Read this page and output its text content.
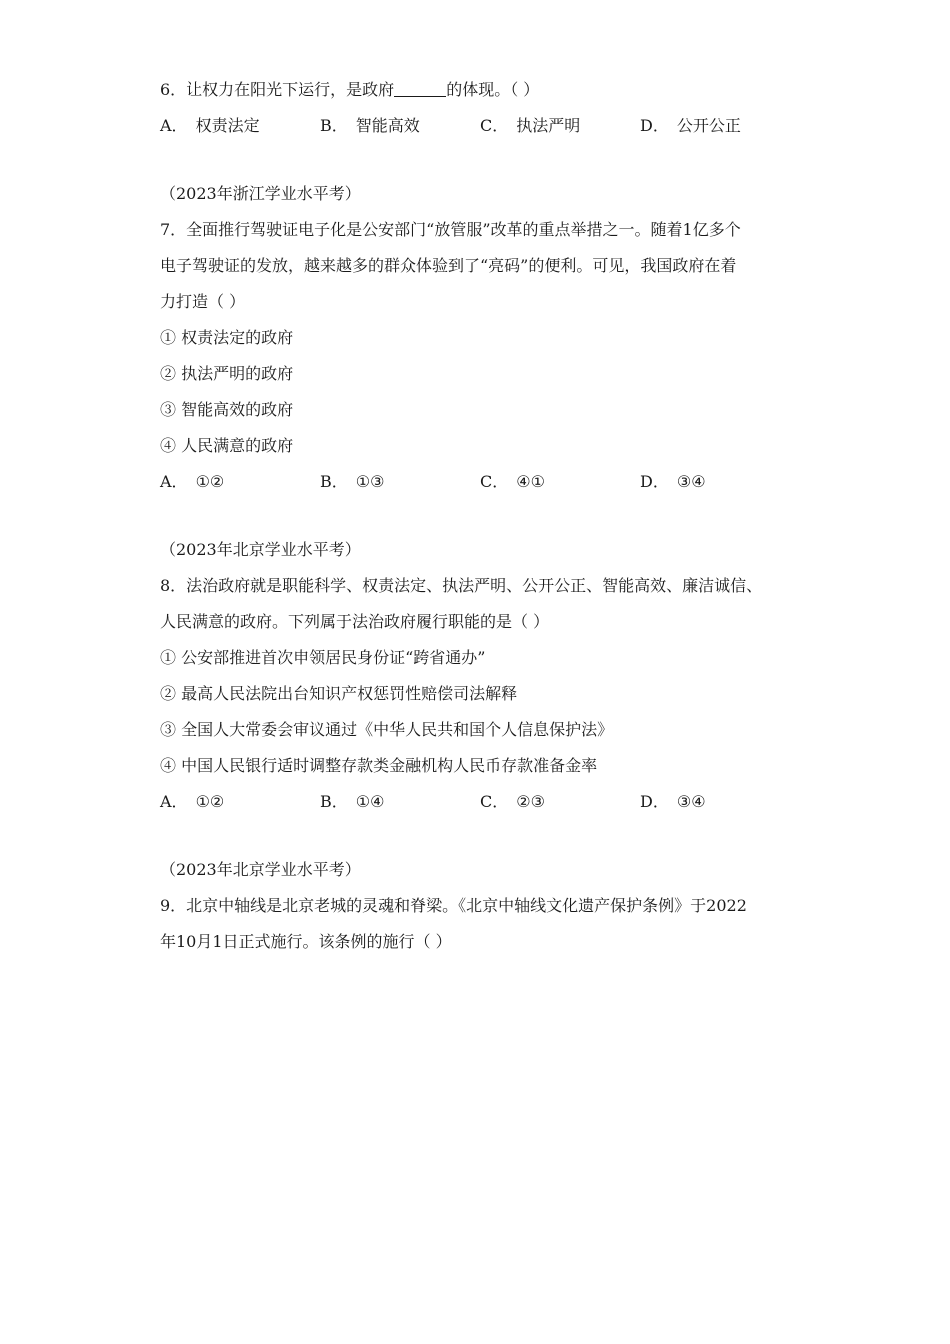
6．让权力在阳光下运行，是政府	的体现。（ ）
A． 权责法定	B． 智能高效	C． 执法严明	D． 公开公正
（2023年浙江学业水平考）
7．全面推行驾驶证电子化是公安部门“放管服”改革的重点举措之一。随着1亿多个
电子驾驶证的发放，越来越多的群众体验到了“亮码”的便利。可见，我国政府在着
力打造（ ）
① 权责法定的政府
② 执法严明的政府
③ 智能高效的政府
④ 人民满意的政府
A． ①②	B． ①③	C． ④①	D． ③④
（2023年北京学业水平考）
8．法治政府就是职能科学、权责法定、执法严明、公开公正、智能高效、廉洁诚信、
人民满意的政府。下列属于法治政府履行职能的是（ ）
① 公安部推进首次申领居民身份证“跨省通办”
② 最高人民法院出台知识产权惩罚性赔偿司法解释
③ 全国人大常委会审议通过《中华人民共和国个人信息保护法》
④ 中国人民银行适时调整存款类金融机构人民币存款准备金率
A． ①②	B． ①④	C． ②③	D． ③④
（2023年北京学业水平考）
9．北京中轴线是北京老城的灵魂和脊梁。《北京中轴线文化遗产保护条例》于2022
年10月1日正式施行。该条例的施行（ ）
